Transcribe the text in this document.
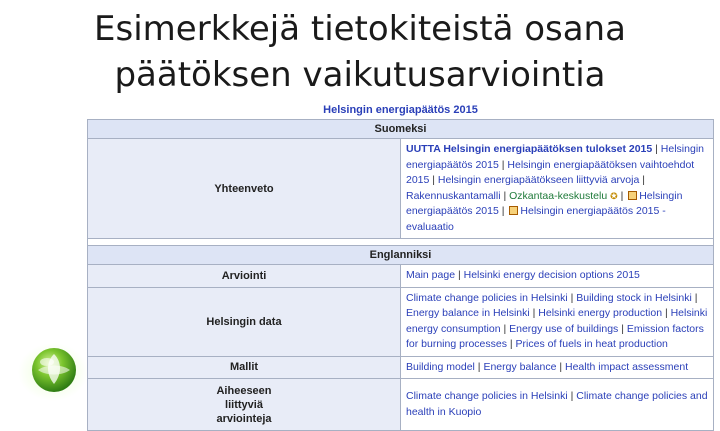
Esimerkkejä tietokiteistä osana
päätöksen vaikutusarviointia
Helsingin energiapäätös 2015
Suomeksi	
Yhteenveto	UUTTA Helsingin energiapäätöksen tulokset 2015 | Helsingin energiapäätös 2015 | Helsingin energiapäätöksen vaihtoehdot 2015 | Helsingin energiapäätökseen liittyviä arvoja | Rakennuskantamalli | Ozkantaa-keskustelu ✪ | Helsingin energiapäätös 2015 | Helsingin energiapäätös 2015 -evaluaatio

Englanniksi	
Arviointi	Main page | Helsinki energy decision options 2015
Helsingin data	Climate change policies in Helsinki | Building stock in Helsinki | Energy balance in Helsinki | Helsinki energy production | Helsinki energy consumption | Energy use of buildings | Emission factors for burning processes | Prices of fuels in heat production
Mallit	Building model | Energy balance | Health impact assessment

Aiheeseen
liittyviä
arviointeja	Climate change policies in Helsinki | Climate change policies and health in Kuopio
